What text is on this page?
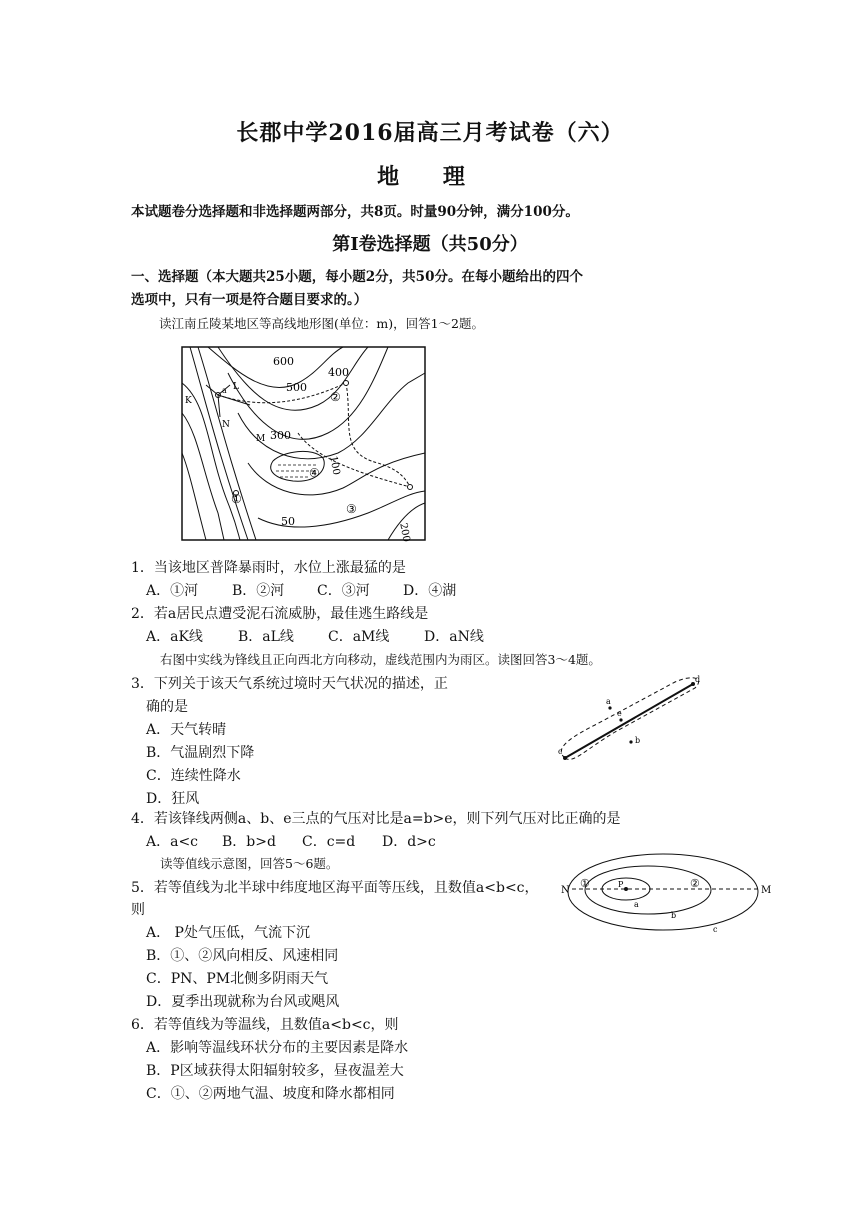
长郡中学2016届高三月考试卷（六）
地 理
本试题卷分选择题和非选择题两部分，共8页。时量90分钟，满分100分。
第I卷选择题（共50分）
一、选择题（本大题共25小题，每小题2分，共50分。在每小题给出的四个
选项中，只有一项是符合题目要求的。）
读江南丘陵某地区等高线地形图(单位：m)，回答1～2题。
600
500
400
300
100
50
200
K
L
M
N
a
①
②
③
④
1．当该地区普降暴雨时，水位上涨最猛的是
A．①河 B．②河 C．③河 D．④湖
2．若a居民点遭受泥石流威胁，最佳逃生路线是
A．aK线	B．aL线 C．aM线 D．aN线
右图中实线为锋线且正向西北方向移动，虚线范围内为雨区。读图回答3～4题。
3．下列关于该天气系统过境时天气状况的描述，正
确的是
A．天气转晴
B．气温剧烈下降
C．连续性降水
D．狂风
a
b
c
d
e
4．若该锋线两侧a、b、e三点的气压对比是a=b>e，则下列气压对比正确的是
A．a<c B．b>d C．c=d D．d>c
读等值线示意图，回答5～6题。
N	M
P
①	②
a
b
c
5．若等值线为北半球中纬度地区海平面等压线，且数值a<b<c，
则
A． P处气压低，气流下沉
B．①、②风向相反、风速相同
C．PN、PM北侧多阴雨天气
D．夏季出现就称为台风或飓风
6．若等值线为等温线，且数值a<b<c，则
A．影响等温线环状分布的主要因素是降水
B．P区域获得太阳辐射较多，昼夜温差大
C．①、②两地气温、坡度和降水都相同
